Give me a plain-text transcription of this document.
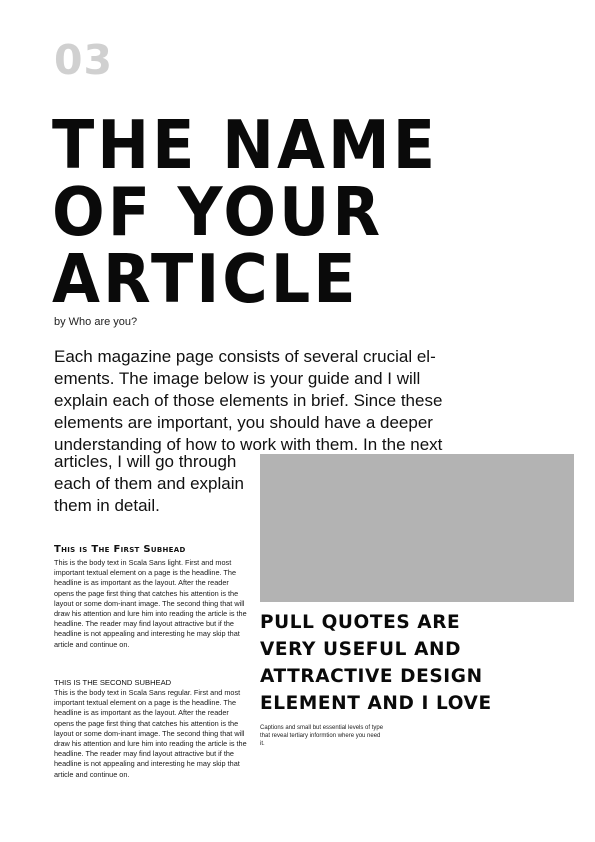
03
THE NAME
OF YOUR
ARTICLE
by Who are you?

Each magazine page consists of several crucial el-ements. The image below is your guide and I will explain each of those elements in brief. Since these elements are important, you should have a deeper understanding of how to work with them. In the next

articles, I will go through each of them and explain them in detail.

This is The First Subhead

This is the body text in Scala Sans light. First and most important textual element on a page is the headline. The headline is as important as the layout. After the reader opens the page first thing that catches his attention is the layout or some dom-inant image. The second thing that will draw his attention and lure him into reading the article is the headline. The reader may find layout attractive but if the headline is not appealing and interesting he may skip that article and continue on.

THIS IS THE SECOND SUBHEAD

This is the body text in Scala Sans regular. First and most important textual element on a page is the headline. The headline is as important as the layout. After the reader opens the page first thing that catches his attention is the layout or some dom-inant image. The second thing that will draw his attention and lure him into reading the article is the headline. The reader may find layout attractive but if the headline is not appealing and interesting he may skip that article and continue on.

PULL QUOTES ARE
VERY USEFUL AND
ATTRACTIVE DESIGN
ELEMENT AND I LOVE

Captions and small but essential levels of type that reveal tertiary informtion where you need it.
